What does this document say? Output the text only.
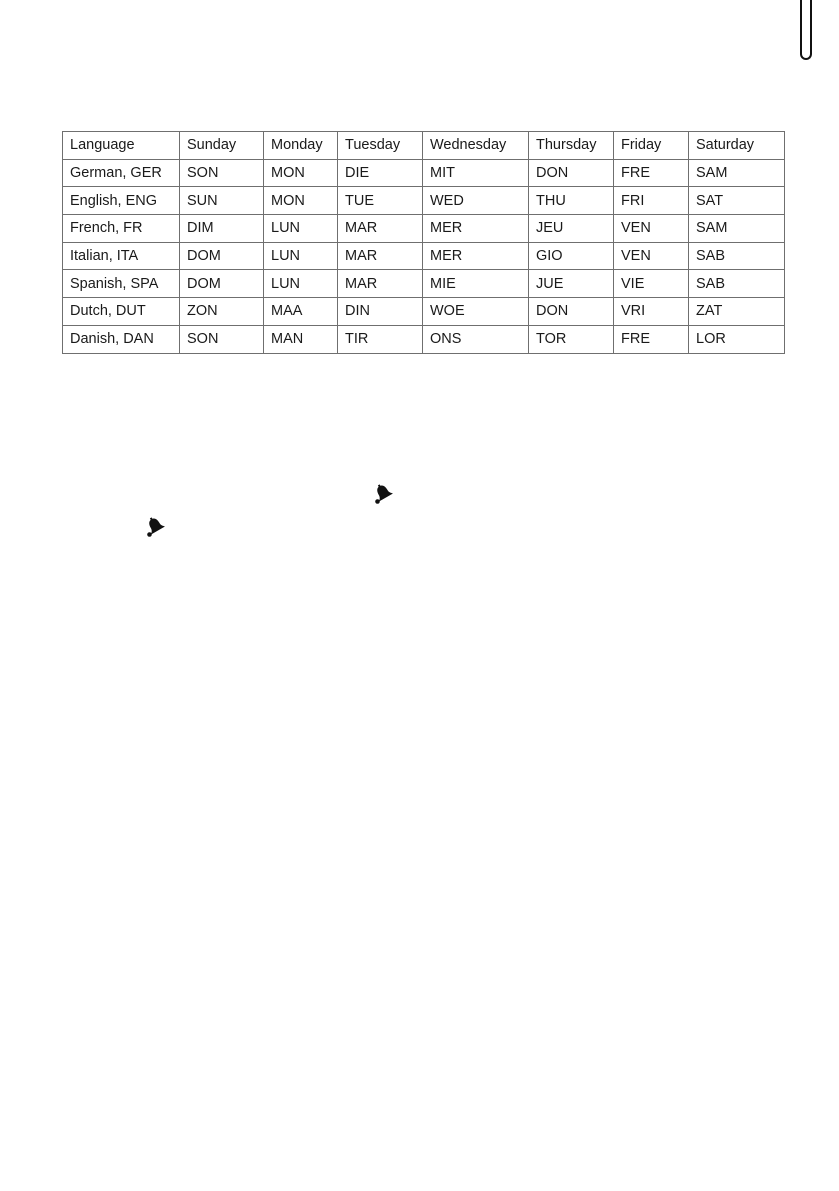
Language	Sunday	Monday	Tuesday	Wednesday	Thursday	Friday	Saturday
German, GER	SON	MON	DIE	MIT	DON	FRE	SAM
English, ENG	SUN	MON	TUE	WED	THU	FRI	SAT
French, FR	DIM	LUN	MAR	MER	JEU	VEN	SAM
Italian, ITA	DOM	LUN	MAR	MER	GIO	VEN	SAB
Spanish, SPA	DOM	LUN	MAR	MIE	JUE	VIE	SAB
Dutch, DUT	ZON	MAA	DIN	WOE	DON	VRI	ZAT
Danish, DAN	SON	MAN	TIR	ONS	TOR	FRE	LOR
